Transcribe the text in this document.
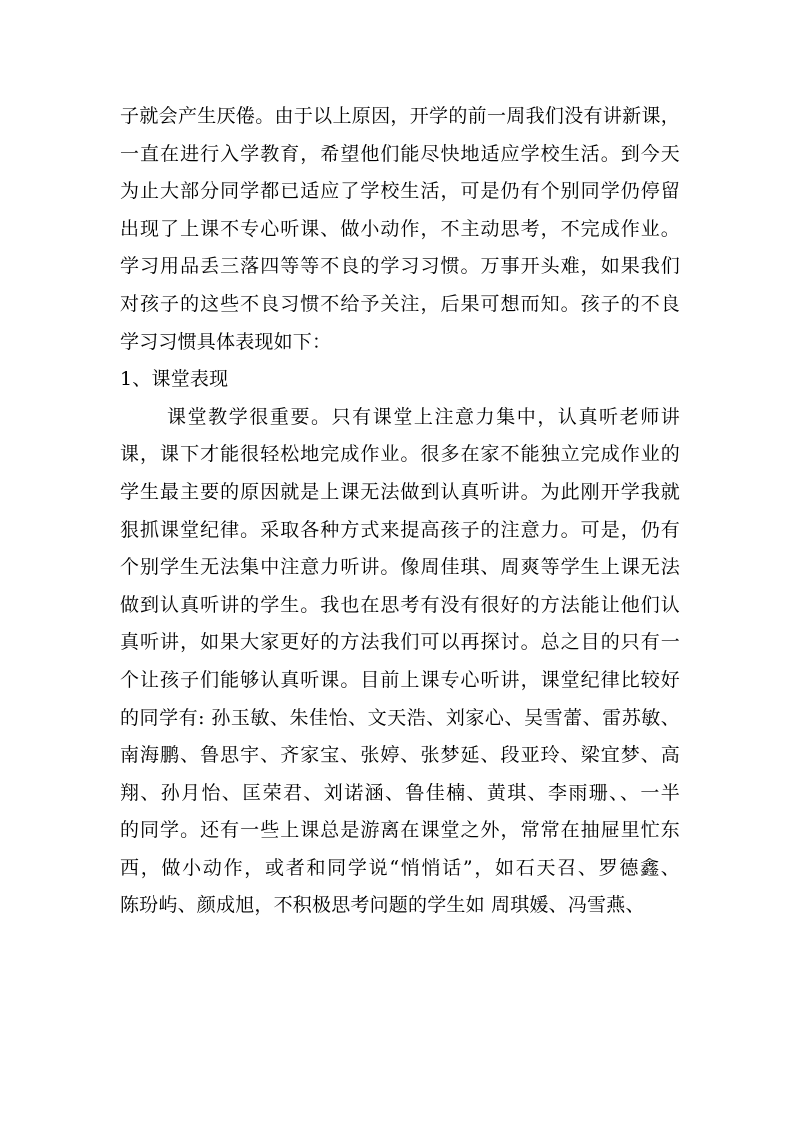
子就会产生厌倦。由于以上原因，开学的前一周我们没有讲新课，
一直在进行入学教育，希望他们能尽快地适应学校生活。到今天
为止大部分同学都已适应了学校生活，可是仍有个别同学仍停留
出现了上课不专心听课、做小动作，不主动思考，不完成作业。
学习用品丢三落四等等不良的学习习惯。万事开头难，如果我们
对孩子的这些不良习惯不给予关注，后果可想而知。孩子的不良
学习习惯具体表现如下：
1、课堂表现
课堂教学很重要。只有课堂上注意力集中，认真听老师讲
课，课下才能很轻松地完成作业。很多在家不能独立完成作业的
学生最主要的原因就是上课无法做到认真听讲。为此刚开学我就
狠抓课堂纪律。采取各种方式来提高孩子的注意力。可是，仍有
个别学生无法集中注意力听讲。像周佳琪、周爽等学生上课无法
做到认真听讲的学生。我也在思考有没有很好的方法能让他们认
真听讲，如果大家更好的方法我们可以再探讨。总之目的只有一
个让孩子们能够认真听课。目前上课专心听讲，课堂纪律比较好
的同学有: 孙玉敏、朱佳怡、文天浩、刘家心、吴雪蕾、雷苏敏、
南海鹏、鲁思宇、齐家宝、张婷、张梦延、段亚玲、梁宜梦、高
翔、孙月怡、匡荣君、刘诺涵、鲁佳楠、黄琪、李雨珊、、一半
的同学。还有一些上课总是游离在课堂之外，常常在抽屉里忙东
西，做小动作，或者和同学说“悄悄话”，如石天召、罗德鑫、
陈玢屿、颜成旭，不积极思考问题的学生如 周琪媛、冯雪燕、
